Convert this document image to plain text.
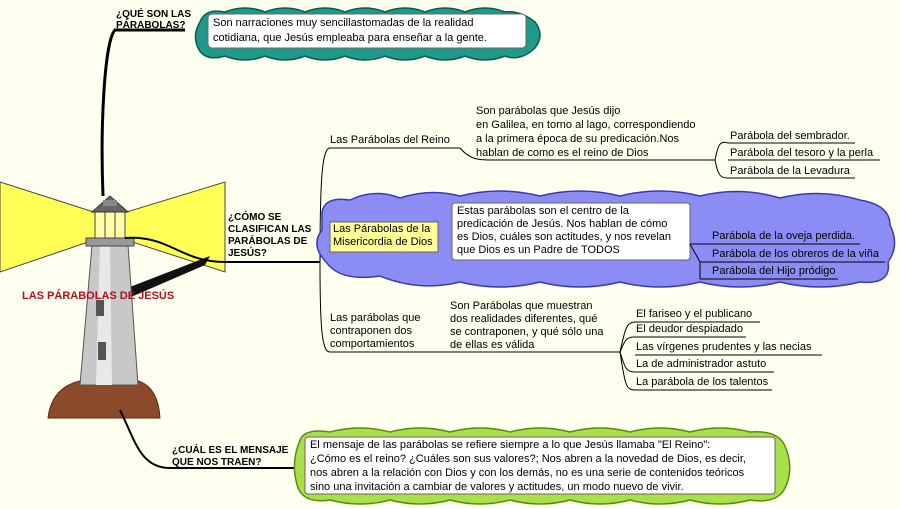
LAS PÁRABOLAS DE JESÚS
¿QUÉ SON LAS
PÁRABOLAS?	Son narraciones muy sencillastomadas de la realidad
cotidiana, que Jesús empleaba para enseñar a la gente.
¿CÓMO SE
CLASIFICAN LAS
PARÁBOLAS DE
JESÚS?
Las Parábolas del Reino
Son parábolas que Jesús dijo
en Galilea, en torno al lago, correspondiendo
a la primera época de su predicación.Nos
hablan de como es el reino de Dios
Parábola del sembrador.
Parábola del tesoro y la perla
Parábola de la Levadura
Las Párabolas de la
Misericordia de Dios
Estas parábolas son el centro de la
predicación de Jesús. Nos hablan de cómo
es Dios, cuáles son actitudes, y nos revelan
que Dios es un Padre de TODOS
Parábola de la oveja perdida.
Parábola de los obreros de la viña
Parábola del Hijo pródigo
Las parábolas que
contraponen dos
comportamientos
Son Parábolas que muestran
dos realidades diferentes, qué
se contraponen, y qué sólo una
de ellas es válida
El fariseo y el publicano
El deudor despiadado
Las vírgenes prudentes y las necias
La de administrador astuto
La parábola de los talentos
¿CUÁL ES EL MENSAJE
QUE NOS TRAEN?
El mensaje de las parábolas se refiere siempre a lo que Jesús llamaba "El Reino":
¿Cómo es el reino? ¿Cuáles son sus valores?; Nos abren a la novedad de Dios, es decir,
nos abren a la relación con Dios y con los demás, no es una serie de contenidos teóricos
sino una invitación a cambiar de valores y actitudes, un modo nuevo de vivir.
